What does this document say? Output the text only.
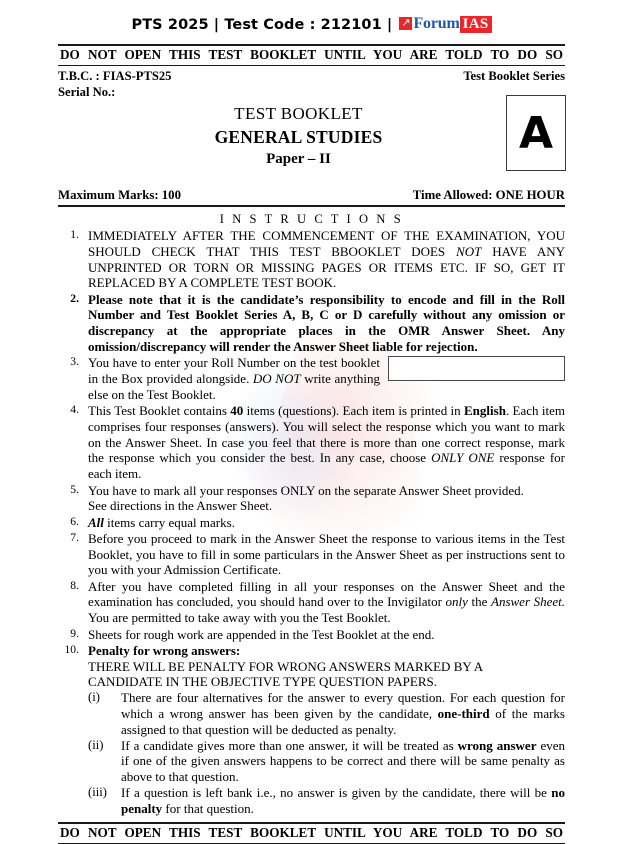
PTS 2025 | Test Code : 212101 | ↗ Forum IAS
DO NOT OPEN THIS TEST BOOKLET UNTIL YOU ARE TOLD TO DO SO
T.B.C. : FIAS-PTS25	Test Booklet Series
Serial No.:
TEST BOOKLET
GENERAL STUDIES
Paper – II	A
Maximum Marks: 100	Time Allowed: ONE HOUR
I N S T R U C T I O N S
1. IMMEDIATELY AFTER THE COMMENCEMENT OF THE EXAMINATION, YOU SHOULD CHECK THAT THIS TEST BBOOKLET DOES NOT HAVE ANY UNPRINTED OR TORN OR MISSING PAGES OR ITEMS ETC. IF SO, GET IT REPLACED BY A COMPLETE TEST BOOK.
2. Please note that it is the candidate’s responsibility to encode and fill in the Roll Number and Test Booklet Series A, B, C or D carefully without any omission or discrepancy at the appropriate places in the OMR Answer Sheet. Any omission/discrepancy will render the Answer Sheet liable for rejection.
3. You have to enter your Roll Number on the test booklet in the Box provided alongside. DO NOT write anything else on the Test Booklet.
4. This Test Booklet contains 40 items (questions). Each item is printed in English. Each item comprises four responses (answers). You will select the response which you want to mark on the Answer Sheet. In case you feel that there is more than one correct response, mark the response which you consider the best. In any case, choose ONLY ONE response for each item.
5. You have to mark all your responses ONLY on the separate Answer Sheet provided.
See directions in the Answer Sheet.
6. All items carry equal marks.
7. Before you proceed to mark in the Answer Sheet the response to various items in the Test Booklet, you have to fill in some particulars in the Answer Sheet as per instructions sent to you with your Admission Certificate.
8. After you have completed filling in all your responses on the Answer Sheet and the examination has concluded, you should hand over to the Invigilator only the Answer Sheet. You are permitted to take away with you the Test Booklet.
9. Sheets for rough work are appended in the Test Booklet at the end.
10. Penalty for wrong answers:
THERE WILL BE PENALTY FOR WRONG ANSWERS MARKED BY A
CANDIDATE IN THE OBJECTIVE TYPE QUESTION PAPERS.
(i)	There are four alternatives for the answer to every question. For each question for which a wrong answer has been given by the candidate, one-third of the marks assigned to that question will be deducted as penalty.
(ii)	If a candidate gives more than one answer, it will be treated as wrong answer even if one of the given answers happens to be correct and there will be same penalty as above to that question.
(iii)	If a question is left bank i.e., no answer is given by the candidate, there will be no penalty for that question.
DO NOT OPEN THIS TEST BOOKLET UNTIL YOU ARE TOLD TO DO SO
